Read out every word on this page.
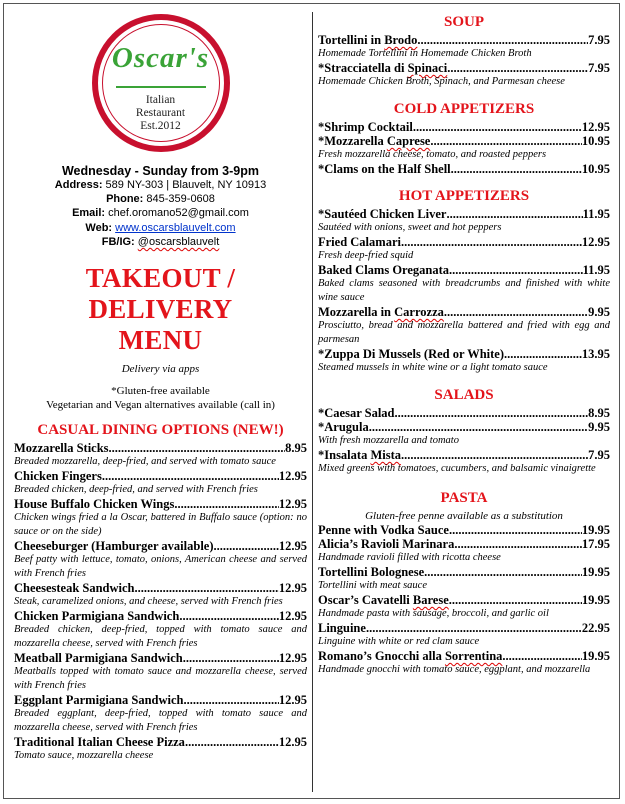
Oscar's
Italian
Restaurant
Est.2012
Wednesday - Sunday from 3-9pm
Address: 589 NY-303 | Blauvelt, NY 10913
Phone: 845-359-0608
Email: chef.oromano52@gmail.com
Web: www.oscarsblauvelt.com
FB/IG: @oscarsblauvelt
TAKEOUT / DELIVERY
MENU
Delivery via apps
*Gluten-free available
Vegetarian and Vegan alternatives available (call in)
CASUAL DINING OPTIONS (NEW!)
Mozzarella Sticks .....	8.95
Breaded mozzarella, deep-fried, and served with tomato sauce
Chicken Fingers .....	12.95
Breaded chicken, deep-fried, and served with French fries
House Buffalo Chicken Wings .....	12.95
Chicken wings fried a la Oscar, battered in Buffalo sauce (option: no sauce or on the side)
Cheeseburger (Hamburger available) .....	12.95
Beef patty with lettuce, tomato, onions, American cheese and served with French fries
Cheesesteak Sandwich .....	12.95
Steak, caramelized onions, and cheese, served with French fries
Chicken Parmigiana Sandwich .....	12.95
Breaded chicken, deep-fried, topped with tomato sauce and mozzarella cheese, served with French fries
Meatball Parmigiana Sandwich .....	12.95
Meatballs topped with tomato sauce and mozzarella cheese, served with French fries
Eggplant Parmigiana Sandwich .....	12.95
Breaded eggplant, deep-fried, topped with tomato sauce and mozzarella cheese, served with French fries
Traditional Italian Cheese Pizza .....	12.95
Tomato sauce, mozzarella cheese
SOUP
Tortellini in Brodo .....	7.95
Homemade Tortellini in Homemade Chicken Broth
*Stracciatella di Spinaci .....	7.95
Homemade Chicken Broth, Spinach, and Parmesan cheese
COLD APPETIZERS
*Shrimp Cocktail .....	12.95
*Mozzarella Caprese .....	10.95
Fresh mozzarella cheese, tomato, and roasted peppers
*Clams on the Half Shell .....	10.95
HOT APPETIZERS
*Sautéed Chicken Liver .....	11.95
Sautéed with onions, sweet and hot peppers
Fried Calamari .....	12.95
Fresh deep-fried squid
Baked Clams Oreganata .....	11.95
Baked clams seasoned with breadcrumbs and finished with white wine sauce
Mozzarella in Carrozza .....	9.95
Prosciutto, bread and mozzarella battered and fried with egg and parmesan
*Zuppa Di Mussels (Red or White) .....	13.95
Steamed mussels in white wine or a light tomato sauce
SALADS
*Caesar Salad .....	8.95
*Arugula .....	9.95
With fresh mozzarella and tomato
*Insalata Mista .....	7.95
Mixed greens with tomatoes, cucumbers, and balsamic vinaigrette
PASTA
Gluten-free penne available as a substitution
Penne with Vodka Sauce .....	19.95
Alicia’s Ravioli Marinara .....	17.95
Handmade ravioli filled with ricotta cheese
Tortellini Bolognese .....	19.95
Tortellini with meat sauce
Oscar’s Cavatelli Barese .....	19.95
Handmade pasta with sausage, broccoli, and garlic oil
Linguine .....	22.95
Linguine with white or red clam sauce
Romano’s Gnocchi alla Sorrentina .....	19.95
Handmade gnocchi with tomato sauce, eggplant, and mozzarella
